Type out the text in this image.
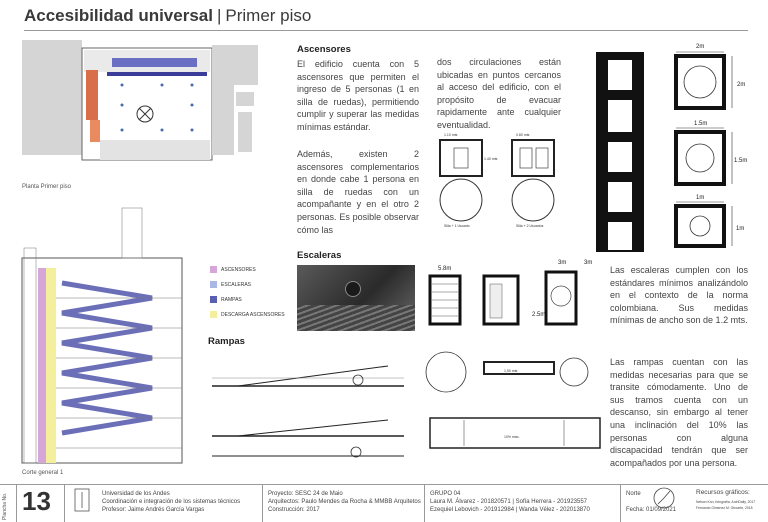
Accesibilidad universal | Primer piso
Planta Primer piso
Corte general 1
ASCENSORES
ESCALERAS
RAMPAS
DESCARGA ASCENSORES
Ascensores
El edificio cuenta con 5 ascensores que permiten el ingreso de 5 personas (1 en silla de ruedas), permitiendo cumplir y superar las medidas mínimas estándar.
Además, existen 2 ascensores complementarios en donde cabe 1 persona en silla de ruedas con un acompañante y en el otro 2 personas. Es posible observar cómo las
dos circulaciones están ubicadas en puntos cercanos al acceso del edificio, con el propósito de evacuar rapidamente ante cualquier eventualidad.
1.10 mts	0.80 mts
1.40 mts
Silla + 1 Usuario	Silla + 2 Usuarios
2m
2m
1.5m
1.5m
1m
1m
Escaleras
5.8m
3m	3m
2.5m
Las escaleras cumplen con los estándares mínimos analizándolo en el contexto de la norma colombiana. Sus medidas mínimas de ancho son de 1.2 mts.
Rampas
1,50 mts
10% máx.
Las rampas cuentan con las medidas necesarias para que se transite cómodamente. Uno de sus tramos cuenta con un descanso, sin embargo al tener una inclinación del 10% las personas con alguna discapacidad tendrán que ser acompañados por una persona.
Plancha No. 13	Universidad de los Andes
Coordinación e integración de los sistemas técnicos
Profesor: Jaime Andrés García Vargas
Proyecto: SESC 24 de Maio
Arquitectos: Paulo Mendes da Rocha & MMBB Arquitetos
Construcción: 2017
GRUPO 04
Laura M. Álvarez - 201820571 | Sofía Herrera - 201923557
Ezequiel Lebovich - 201912984 | Wanda Vélez - 202013870
Norte
Fecha: 01/09/2021
Recursos gráficos:
Nelson Kon, fotografía. ArchDaily, 2017
Fernando Gimenez M. Otroarte, 2018
